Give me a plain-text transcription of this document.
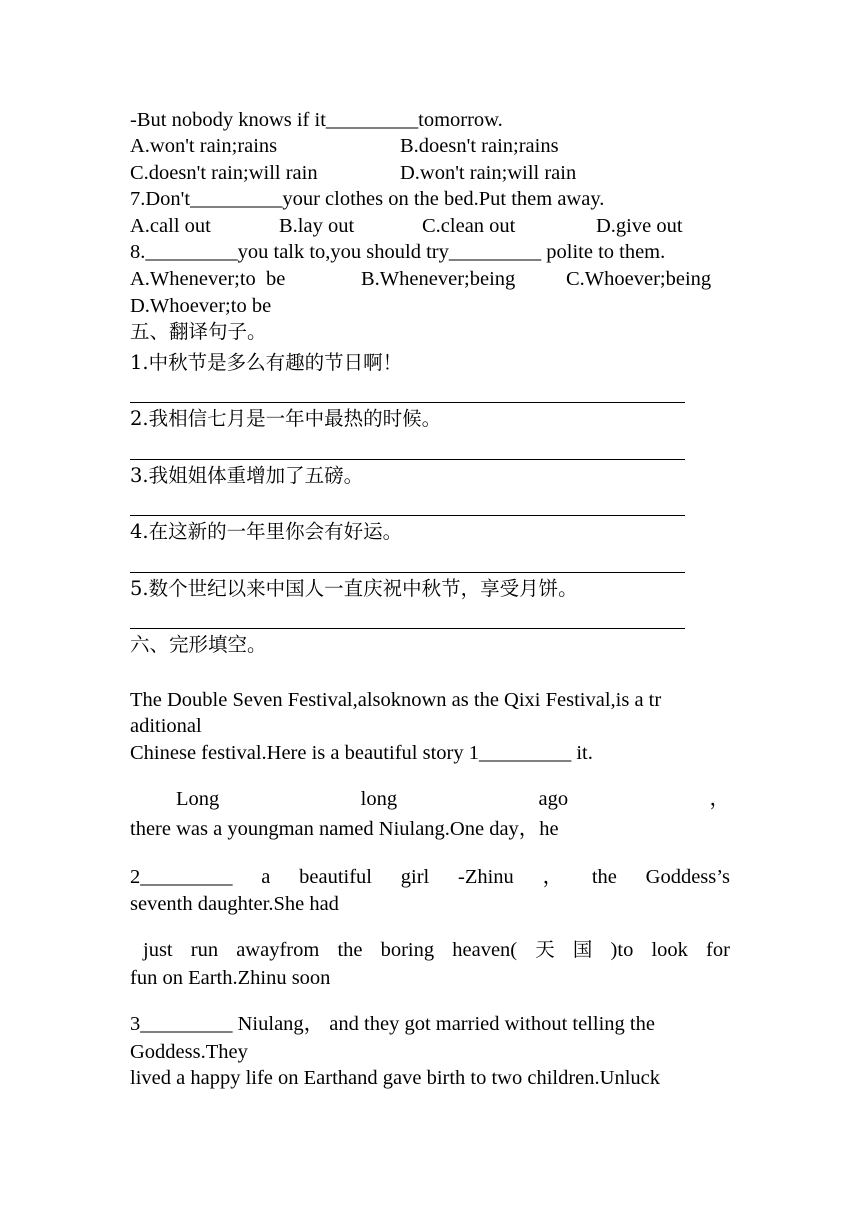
-But nobody knows if it_________tomorrow.
A.won't rain;rains	B.doesn't rain;rains
C.doesn't rain;will rain	D.won't rain;will rain
7.Don't_________your clothes on the bed.Put them away.
A.call out	B.lay out	C.clean out	D.give out
8._________you talk to,you should try_________ polite to them.
A.Whenever;to  be	B.Whenever;being C.Whoever;being
D.Whoever;to be
五、翻译句子。
1.中秋节是多么有趣的节日啊！
2.我相信七月是一年中最热的时候。
3.我姐姐体重增加了五磅。
4.在这新的一年里你会有好运。
5.数个世纪以来中国人一直庆祝中秋节，享受月饼。
六、完形填空。
The Double Seven Festival,alsoknown as the Qixi Festival,is a tr
aditional
Chinese festival.Here is a beautiful story 1_________ it.
Long	long	ago	，
there was a youngman named Niulang.One day，he
2_________ a beautiful girl -Zhinu ， the Goddess’s
seventh daughter.She had
just run awayfrom the boring heaven( 天 国 )to look for
fun on Earth.Zhinu soon
3_________ Niulang， and they got married without telling the
Goddess.They
lived a happy life on Earthand gave birth to two children.Unluck
